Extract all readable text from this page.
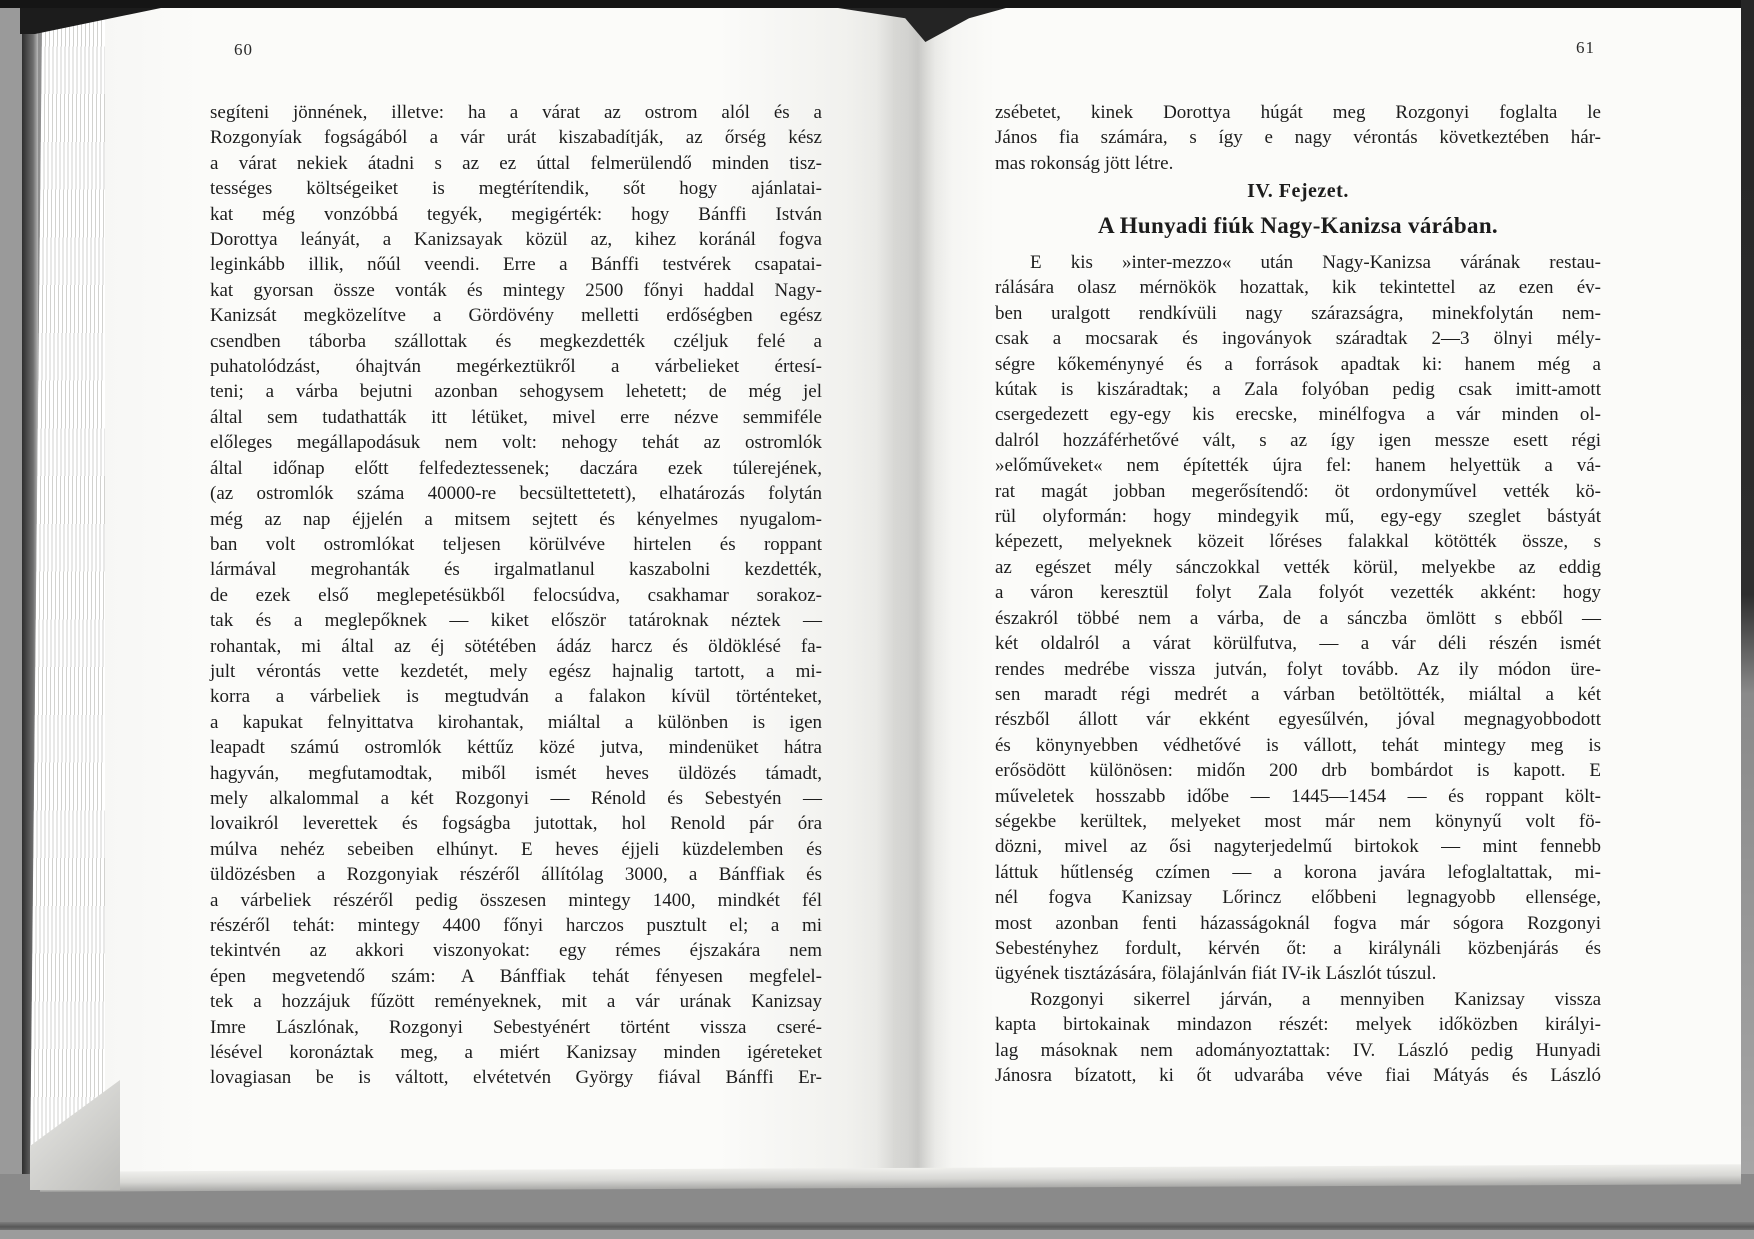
60
segíteni jönnének, illetve: ha a várat az ostrom alól és a
Rozgonyíak fogságából a vár urát kiszabadítják, az őrség kész
a várat nekiek átadni s az ez úttal felmerülendő minden tisz-
tességes költségeiket is megtérítendik, sőt hogy ajánlatai-
kat még vonzóbbá tegyék, megigérték: hogy Bánffi István
Dorottya leányát, a Kanizsayak közül az, kihez koránál fogva
leginkább illik, nőúl veendi. Erre a Bánffi testvérek csapatai-
kat gyorsan össze vonták és mintegy 2500 főnyi haddal Nagy-
Kanizsát megközelítve a Gördövény melletti erdőségben egész
csendben táborba szállottak és megkezdették czéljuk felé a
puhatolódzást, óhajtván megérkeztükről a várbelieket értesí-
teni; a várba bejutni azonban sehogysem lehetett; de még jel
által sem tudathatták itt létüket, mivel erre nézve semmiféle
előleges megállapodásuk nem volt: nehogy tehát az ostromlók
által időnap előtt felfedeztessenek; daczára ezek túlerejének,
(az ostromlók száma 40000-re becsültettetett), elhatározás folytán
még az nap éjjelén a mitsem sejtett és kényelmes nyugalom-
ban volt ostromlókat teljesen körülvéve hirtelen és roppant
lármával megrohanták és irgalmatlanul kaszabolni kezdették,
de ezek első meglepetésükből felocsúdva, csakhamar sorakoz-
tak és a meglepőknek — kiket először tatároknak néztek —
rohantak, mi által az éj sötétében ádáz harcz és öldöklésé fa-
jult vérontás vette kezdetét, mely egész hajnalig tartott, a mi-
korra a várbeliek is megtudván a falakon kívül történteket,
a kapukat felnyittatva kirohantak, miáltal a különben is igen
leapadt számú ostromlók kéttűz közé jutva, mindenüket hátra
hagyván, megfutamodtak, miből ismét heves üldözés támadt,
mely alkalommal a két Rozgonyi — Rénold és Sebestyén —
lovaikról leverettek és fogságba jutottak, hol Renold pár óra
múlva nehéz sebeiben elhúnyt. E heves éjjeli küzdelemben és
üldözésben a Rozgonyiak részéről állítólag 3000, a Bánffiak és
a várbeliek részéről pedig összesen mintegy 1400, mindkét fél
részéről tehát: mintegy 4400 főnyi harczos pusztult el; a mi
tekintvén az akkori viszonyokat: egy rémes éjszakára nem
épen megvetendő szám: A Bánffiak tehát fényesen megfelel-
tek a hozzájuk fűzött reményeknek, mit a vár urának Kanizsay
Imre Lászlónak, Rozgonyi Sebestyénért történt vissza cseré-
lésével koronáztak meg, a miért Kanizsay minden igéreteket
lovagiasan be is váltott, elvétetvén György fiával Bánffi Er-
61
zsébetet, kinek Dorottya húgát meg Rozgonyi foglalta le
János fia számára, s így e nagy vérontás következtében hár-
mas rokonság jött létre.
IV. Fejezet.
A Hunyadi fiúk Nagy-Kanizsa várában.
E kis »inter-mezzo« után Nagy-Kanizsa várának restau-
rálására olasz mérnökök hozattak, kik tekintettel az ezen év-
ben uralgott rendkívüli nagy szárazságra, minekfolytán nem-
csak a mocsarak és ingoványok száradtak 2—3 ölnyi mély-
ségre kőkeménynyé és a források apadtak ki: hanem még a
kútak is kiszáradtak; a Zala folyóban pedig csak imitt-amott
csergedezett egy-egy kis erecske, minélfogva a vár minden ol-
dalról hozzáférhetővé vált, s az így igen messze esett régi
»előműveket« nem építették újra fel: hanem helyettük a vá-
rat magát jobban megerősítendő: öt ordonyművel vették kö-
rül olyformán: hogy mindegyik mű, egy-egy szeglet bástyát
képezett, melyeknek közeit lőréses falakkal kötötték össze, s
az egészet mély sánczokkal vették körül, melyekbe az eddig
a váron keresztül folyt Zala folyót vezették akként: hogy
északról többé nem a várba, de a sánczba ömlött s ebből —
két oldalról a várat körülfutva, — a vár déli részén ismét
rendes medrébe vissza jutván, folyt tovább. Az ily módon üre-
sen maradt régi medrét a várban betöltötték, miáltal a két
részből állott vár ekként egyesűlvén, jóval megnagyobbodott
és könynyebben védhetővé is vállott, tehát mintegy meg is
erősödött különösen: midőn 200 drb bombárdot is kapott. E
műveletek hosszabb időbe — 1445—1454 — és roppant költ-
ségekbe kerültek, melyeket most már nem könynyű volt fö-
dözni, mivel az ősi nagyterjedelmű birtokok — mint fennebb
láttuk hűtlenség czímen — a korona javára lefoglaltattak, mi-
nél fogva Kanizsay Lőrincz előbbeni legnagyobb ellensége,
most azonban fenti házasságoknál fogva már sógora Rozgonyi
Sebestényhez fordult, kérvén őt: a királynáli közbenjárás és
ügyének tisztázására, fölajánlván fiát IV-ik Lászlót túszul.
Rozgonyi sikerrel járván, a mennyiben Kanizsay vissza
kapta birtokainak mindazon részét: melyek időközben királyi-
lag másoknak nem adományoztattak: IV. László pedig Hunyadi
Jánosra bízatott, ki őt udvarába véve fiai Mátyás és László
